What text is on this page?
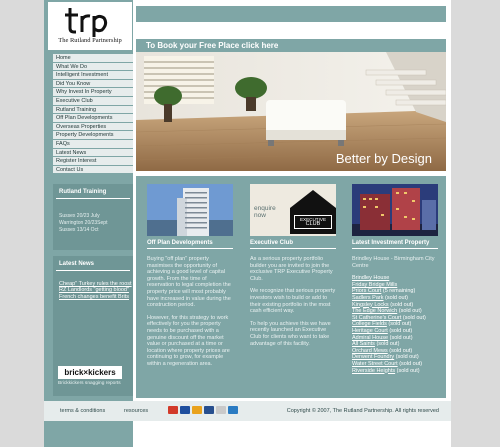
The Rutland Partnership
Home
What We Do
Intelligent Investment
Did You Know
Why Invest In Property
Executive Club
Rutland Training
Off Plan Developments
Overseas Properties
Property Developments
FAQs
Latest News
Register Interest
Contact Us
Rutland Training
Sussex 20/23 July
Warrington 20/23Sept
Sussex 13/14 Oct
Latest News
Cheap" Turkey rules the roost
RZ Landlords "getting blood"
French changes benefit Brits
brick×kickers
Brickkickers snagging reports
To Book your Free Place click here
Better by Design
Off Plan Developments

Buying "off plan" property maximises the opportunity of achieving a good level of capital growth. From the time of reservation to legal completion the property price will most probably have increased in value during the construction period.

However, for this strategy to work effectively for you the property needs to be purchased with a genuine discount off the market value or purchased at a time or location where property prices are continuing to grow, for example within a regeneration area.

enquire now
EXECUTIVE
CLUB
Executive Club

As a serious property portfolio builder you are invited to join the exclusive TRP Executive Property Club.

We recognize that serious property investors wish to build or add to their existing portfolio in the most cash efficient way.

To help you achieve this we have recently launched an Executive Club for clients who want to take advantage of this facility.

Latest Investment Property

Brindley House - Birmingham City Centre

Brindley House
Friday Bridge Mills
Priors Court (5 remaining)
Sadlers Park (sold out)
Kingsley Locks (sold out)
The Edge Norwich (sold out)
St Catherine's Court (sold out)
College Fields (sold out)
Heritage Court (sold out)
Admiral House (sold out)
All Saints (sold out)
Orchard Mews (sold out)
Derwent Foundry (sold out)
Water Street Court (sold out)
Riverside Heights (sold out)
terms & conditions	resources	Copyright © 2007, The Rutland Partnership. All rights reserved
